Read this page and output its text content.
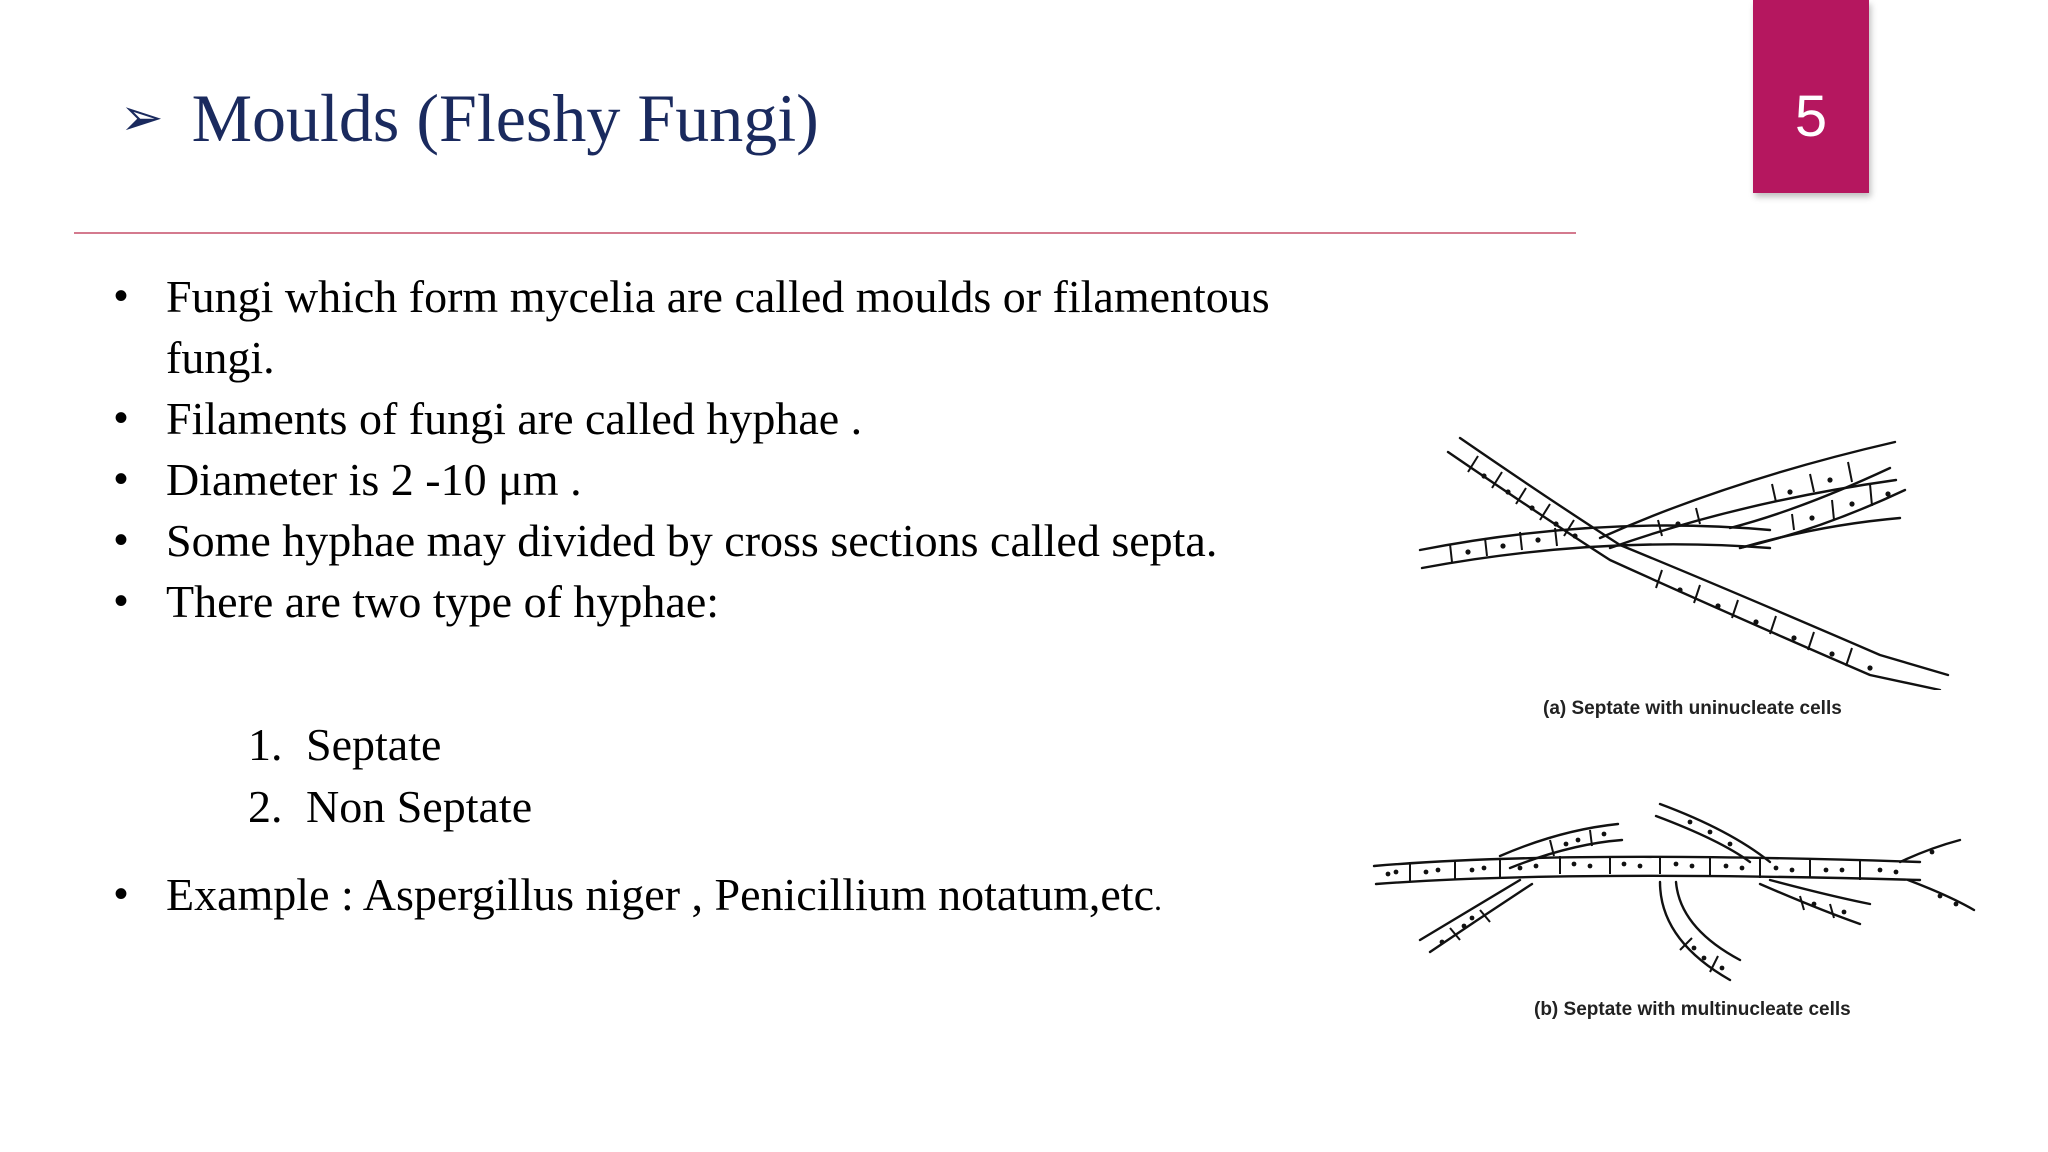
5
➢ Moulds (Fleshy Fungi)
• Fungi which form mycelia are called moulds or filamentous fungi.
• Filaments of fungi are called hyphae .
• Diameter is 2 -10 μm .
• Some hyphae may divided by cross sections called septa.
• There are two type of hyphae:
1. Septate
2. Non Septate
• Example : Aspergillus niger , Penicillium notatum,etc.
(a) Septate with uninucleate cells
(b) Septate with multinucleate cells
